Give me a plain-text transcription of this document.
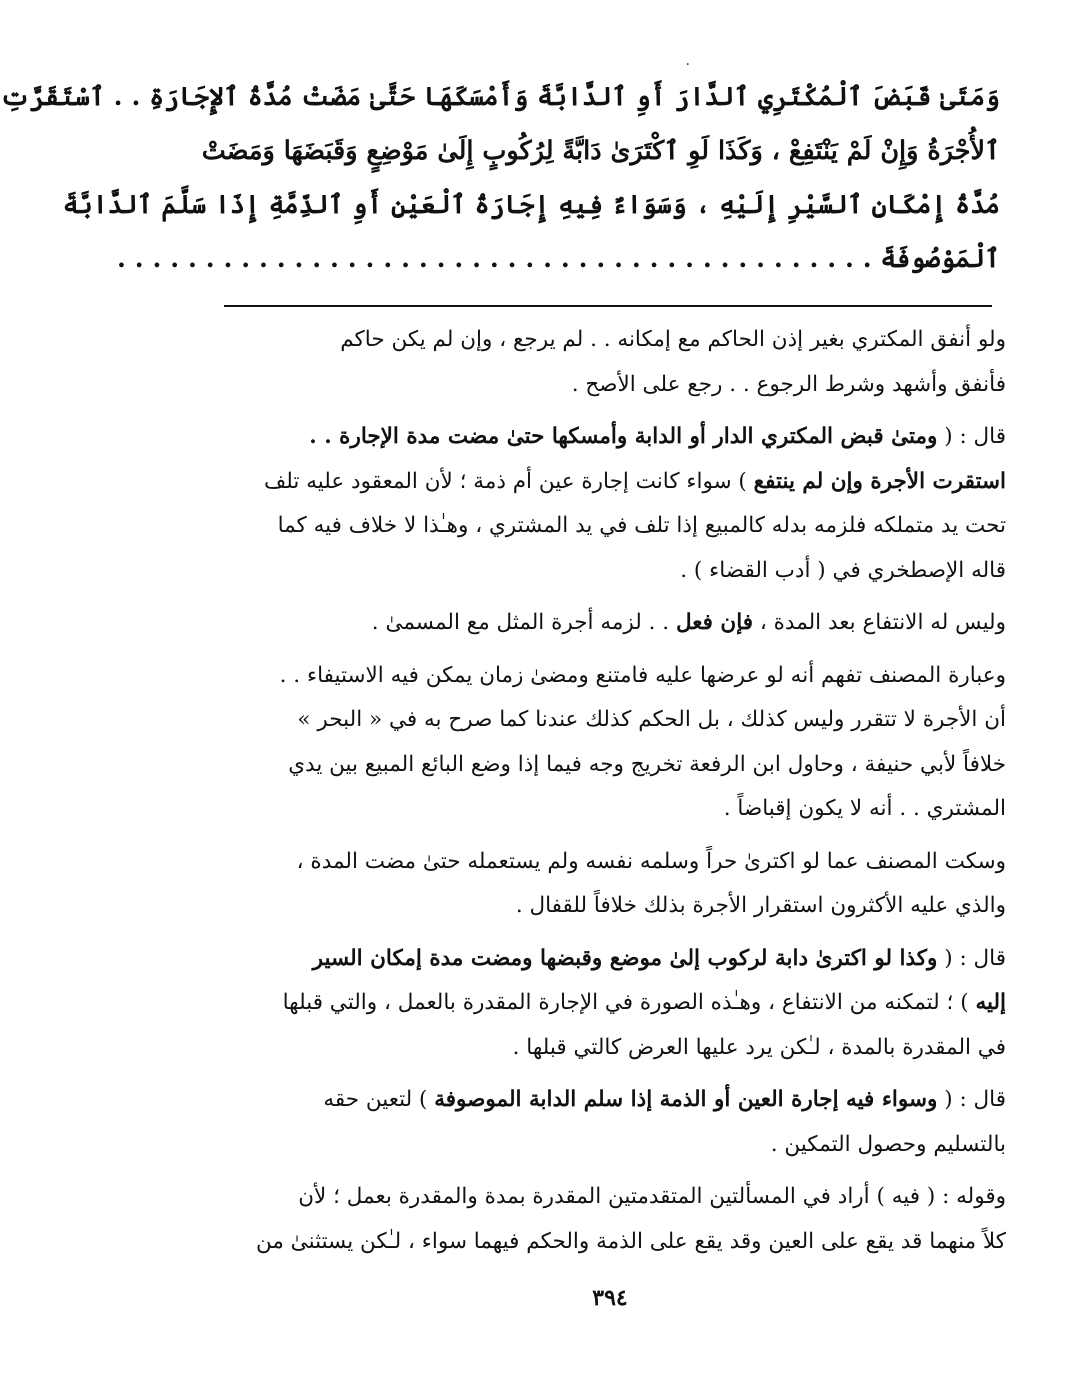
٠
وَمَتَىٰ قَبَضَ ٱلْمُكْتَرِي ٱلدَّارَ أَوِ ٱلدَّابَّةَ وَأَمْسَكَهَا حَتَّىٰ مَضَتْ مُدَّةُ ٱلإِجَارَةِ . . ٱسْتَقَرَّتِ
ٱلأُجْرَةُ وَإِنْ لَمْ يَنْتَفِعْ ، وَكَذَا لَوِ ٱكْتَرَىٰ دَابَّةً لِرُكُوبٍ إِلَىٰ مَوْضِعٍ وَقَبَضَهَا وَمَضَتْ
مُدَّةُ إِمْكَانِ ٱلسَّيْرِ إِلَيْهِ ، وَسَوَاءٌ فِيهِ إِجَارَةُ ٱلْعَيْنِ أَوِ ٱلذِّمَّةِ إِذَا سَلَّمَ ٱلدَّابَّةَ
ٱلْمَوْصُوفَةَ . . . . . . . . . . . . . . . . . . . . . . . . . . . . . . . . . . . . . . . . . . .

ولو أنفق المكتري بغير إذن الحاكم مع إمكانه . . لم يرجع ، وإن لم يكن حاكم
فأنفق وأشهد وشرط الرجوع . . رجع على الأصح .

قال : ( ومتىٰ قبض المكتري الدار أو الدابة وأمسكها حتىٰ مضت مدة الإجارة . .
استقرت الأجرة وإن لم ينتفع ) سواء كانت إجارة عين أم ذمة ؛ لأن المعقود عليه تلف
تحت يد متملكه فلزمه بدله كالمبيع إذا تلف في يد المشتري ، وهـٰذا لا خلاف فيه كما
قاله الإصطخري في ( أدب القضاء ) .

وليس له الانتفاع بعد المدة ، فإن فعل . . لزمه أجرة المثل مع المسمىٰ .

وعبارة المصنف تفهم أنه لو عرضها عليه فامتنع ومضىٰ زمان يمكن فيه الاستيفاء . .
أن الأجرة لا تتقرر وليس كذلك ، بل الحكم كذلك عندنا كما صرح به في « البحر »
خلافاً لأبي حنيفة ، وحاول ابن الرفعة تخريج وجه فيما إذا وضع البائع المبيع بين يدي
المشتري . . أنه لا يكون إقباضاً .

وسكت المصنف عما لو اكترىٰ حراً وسلمه نفسه ولم يستعمله حتىٰ مضت المدة ،
والذي عليه الأكثرون استقرار الأجرة بذلك خلافاً للقفال .

قال : ( وكذا لو اكترىٰ دابة لركوب إلىٰ موضع وقبضها ومضت مدة إمكان السير
إليه ) ؛ لتمكنه من الانتفاع ، وهـٰذه الصورة في الإجارة المقدرة بالعمل ، والتي قبلها
في المقدرة بالمدة ، لـٰكن يرد عليها العرض كالتي قبلها .

قال : ( وسواء فيه إجارة العين أو الذمة إذا سلم الدابة الموصوفة ) لتعين حقه
بالتسليم وحصول التمكين .

وقوله : ( فيه ) أراد في المسألتين المتقدمتين المقدرة بمدة والمقدرة بعمل ؛ لأن
كلاً منهما قد يقع على العين وقد يقع على الذمة والحكم فيهما سواء ، لـٰكن يستثنىٰ من

٣٩٤
